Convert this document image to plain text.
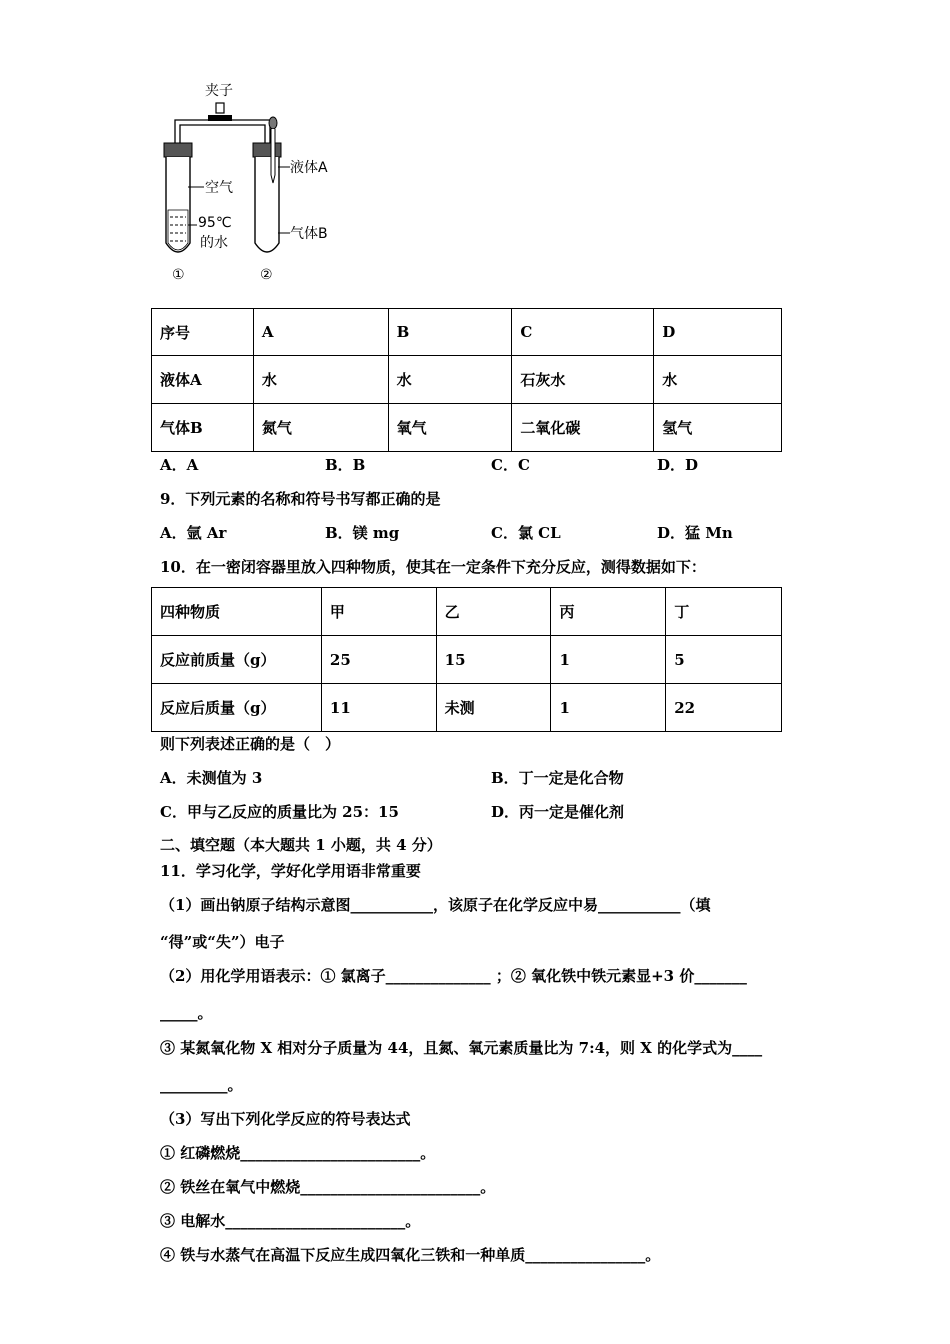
夹子
空气
95℃
的水
①
液体A
气体B
②
序号	A	B	C	D
液体A	水	水	石灰水	水
气体B	氮气	氧气	二氧化碳	氢气
A．A	B．B	C．C	D．D
9．下列元素的名称和符号书写都正确的是
A．氩 Ar	B．镁 mg	C．氯 CL	D．猛 Mn
10．在一密闭容器里放入四种物质，使其在一定条件下充分反应，测得数据如下：
四种物质	甲	乙	丙	丁
反应前质量（g）	25	15	1	5
反应后质量（g）	11	未测	1	22
则下列表述正确的是（　）
A．未测值为 3	B．丁一定是化合物
C．甲与乙反应的质量比为 25：15	D．丙一定是催化剂
二、填空题（本大题共 1 小题，共 4 分）
11．学习化学，学好化学用语非常重要
（1）画出钠原子结构示意图___________，该原子在化学反应中易___________（填
“得”或“失”）电子
（2）用化学用语表示：① 氯离子______________ ；② 氧化铁中铁元素显+3 价_______
_____。
③ 某氮氧化物 X 相对分子质量为 44，且氮、氧元素质量比为 7:4，则 X 的化学式为____
_________。
（3）写出下列化学反应的符号表达式
① 红磷燃烧________________________。
② 铁丝在氧气中燃烧________________________。
③ 电解水________________________。
④ 铁与水蒸气在高温下反应生成四氧化三铁和一种单质________________。
